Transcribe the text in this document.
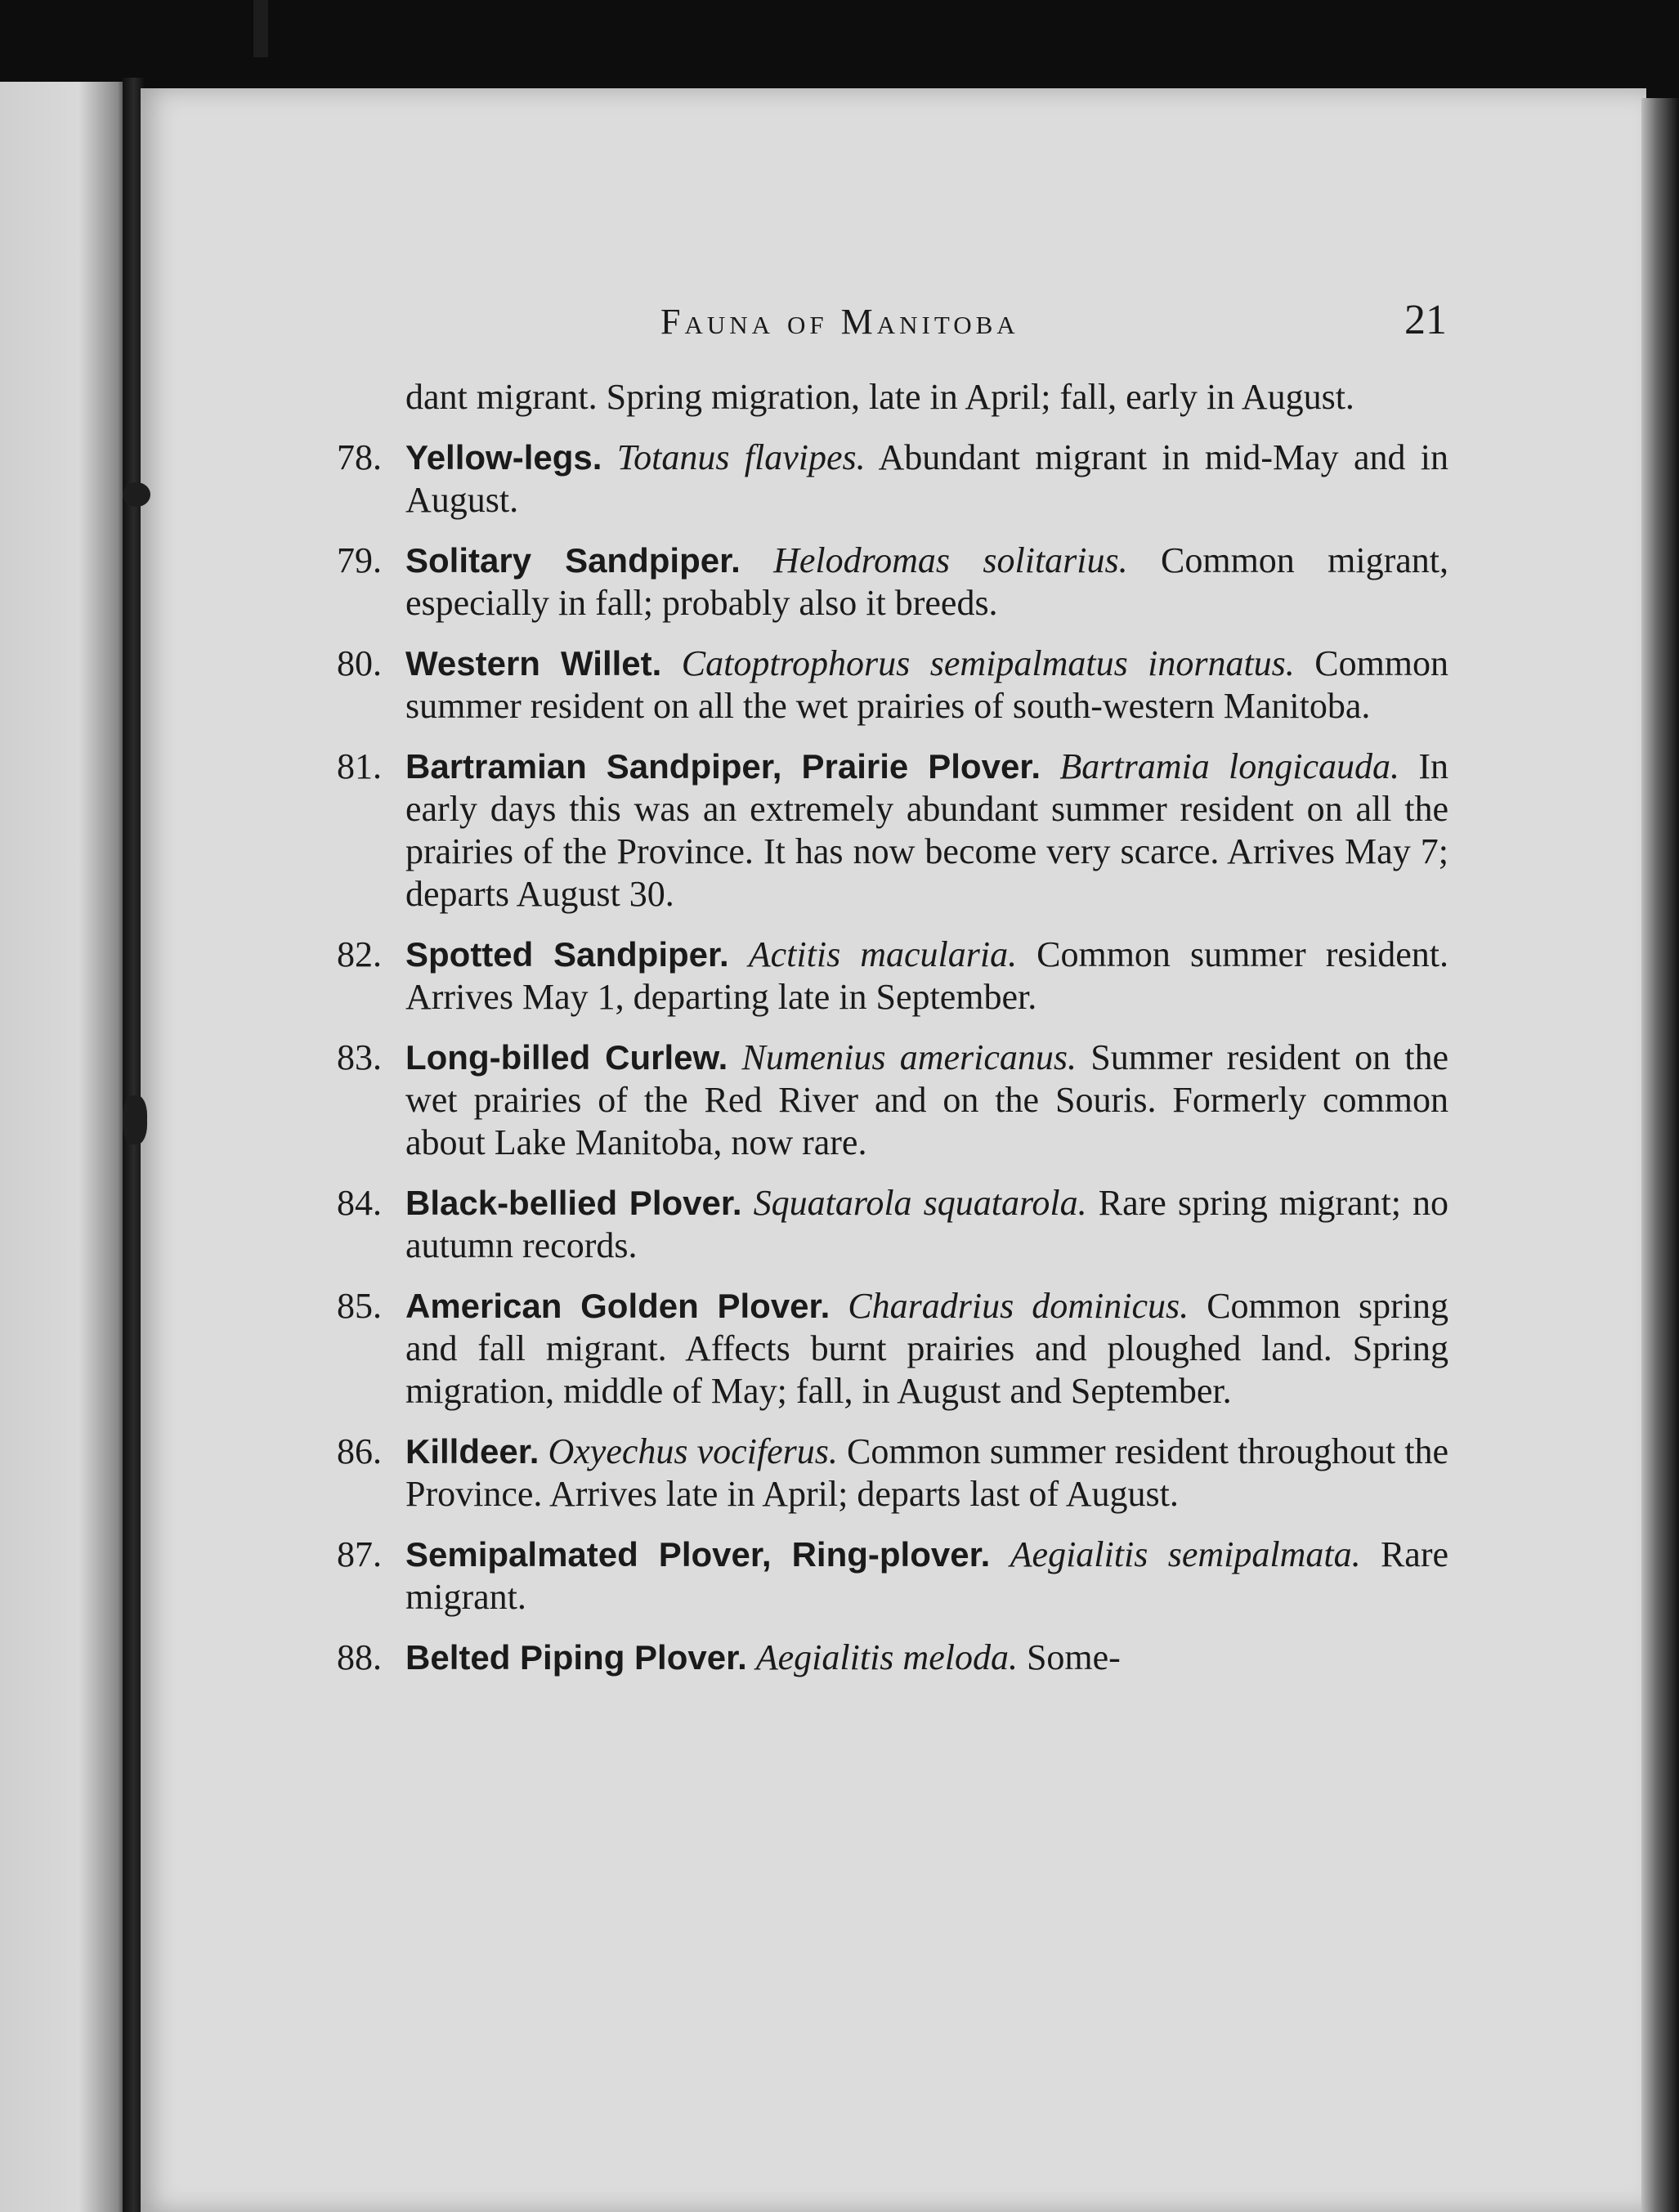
Fauna of Manitoba	21
dant migrant. Spring migration, late in April; fall, early in August.
78. Yellow-legs. Totanus flavipes. Abundant migrant in mid-May and in August.
79. Solitary Sandpiper. Helodromas solitarius. Common migrant, especially in fall; probably also it breeds.
80. Western Willet. Catoptrophorus semipalmatus inornatus. Common summer resident on all the wet prairies of south-western Manitoba.
81. Bartramian Sandpiper, Prairie Plover. Bartramia longicauda. In early days this was an extremely abundant summer resident on all the prairies of the Province. It has now become very scarce. Arrives May 7; departs August 30.
82. Spotted Sandpiper. Actitis macularia. Common summer resident. Arrives May 1, departing late in September.
83. Long-billed Curlew. Numenius americanus. Summer resident on the wet prairies of the Red River and on the Souris. Formerly common about Lake Manitoba, now rare.
84. Black-bellied Plover. Squatarola squatarola. Rare spring migrant; no autumn records.
85. American Golden Plover. Charadrius dominicus. Common spring and fall migrant. Affects burnt prairies and ploughed land. Spring migration, middle of May; fall, in August and September.
86. Killdeer. Oxyechus vociferus. Common summer resident throughout the Province. Arrives late in April; departs last of August.
87. Semipalmated Plover, Ring-plover. Aegialitis semipalmata. Rare migrant.
88. Belted Piping Plover. Aegialitis meloda. Some-
